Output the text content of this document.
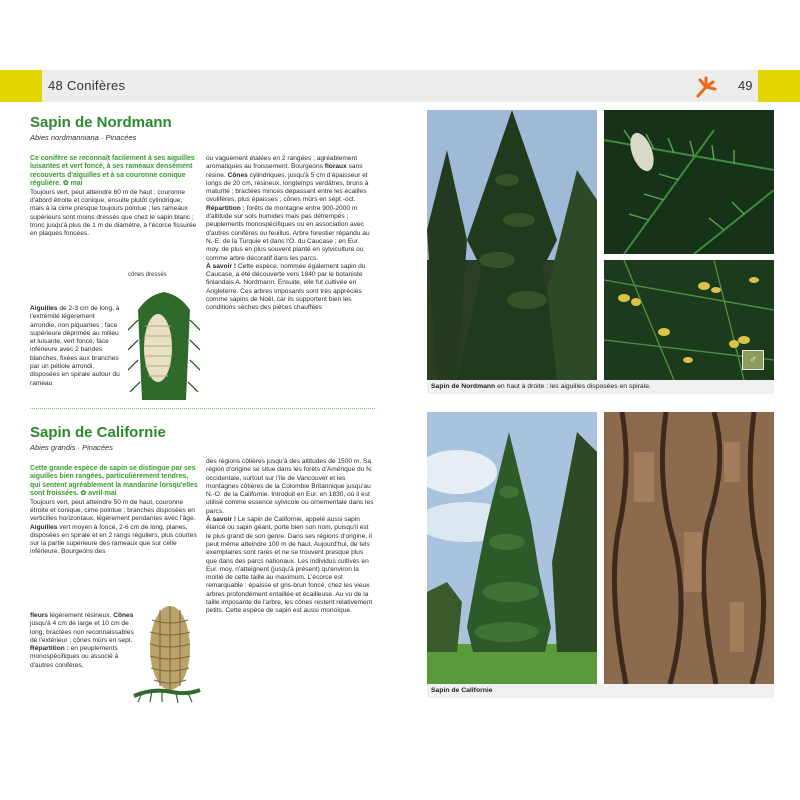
48 Conifères	49
Sapin de Nordmann
Abies nordmanniana · Pinacées

Ce conifère se reconnaît facilement à ses aiguilles luisantes et vert foncé, à ses rameaux densément recouverts d'aiguilles et à sa couronne conique régulière. ✿ mai

Toujours vert, peut atteindre 60 m de haut ; couronne d'abord étroite et conique, ensuite plutôt cylindrique, mais à la cime presque toujours pointue ; les rameaux supérieurs sont moins dressés que chez le sapin blanc ; tronc jusqu'à plus de 1 m de diamètre, à l'écorce fissurée en plaques foncées.

Aiguilles de 2-3 cm de long, à l'extrémité légèrement arrondie, non piquantes ; face supérieure déprimée au milieu et luisante, vert foncé, face inférieure avec 2 bandes blanches, fixées aux branches par un pétiole arrondi, disposées en spirale autour du rameau
cônes dressés

ou vaguement étalées en 2 rangées ; agréablement aromatiques au froissement. Bourgeons floraux sans résine. Cônes cylindriques, jusqu'à 5 cm d'épaisseur et longs de 20 cm, résineux, longtemps verdâtres, bruns à maturité ; bractées minces dépassant entre les écailles ovulifères, plus épaisses ; cônes mûrs en sept.-oct.

Répartition : forêts de montagne entre 900-2000 m d'altitude sur sols humides mais pas détrempés ; peuplements monospécifiques ou en association avec d'autres conifères ou feuillus. Arbre forestier répandu au N.-E. de la Turquie et dans l'O. du Caucase ; en Eur. moy. de plus en plus souvent planté en sylviculture ou comme arbre décoratif dans les parcs.

À savoir ! Cette espèce, nommée également sapin du Caucase, a été découverte vers 1840 par le botaniste finlandais A. Nordmann. Ensuite, elle fut cultivée en Angleterre. Ces arbres imposants sont très appréciés comme sapins de Noël, car ils supportent bien les conditions sèches des pièces chauffées

Sapin de Californie
Abies grandis · Pinacées

Cette grande espèce de sapin se distingue par ses aiguilles bien rangées, particulièrement tendres, qui sentent agréablement la mandarine lorsqu'elles sont froissées. ✿ avril-mai

Toujours vert, peut atteindre 50 m de haut, couronne étroite et conique, cime pointue ; branches disposées en verticilles horizontaux, légèrement pendantes avec l'âge. Aiguilles vert moyen à foncé, 2-6 cm de long, planes, disposées en spirale et en 2 rangs réguliers, plus courtes sur la partie supérieure des rameaux que sur celle inférieure. Bourgeons des

fleurs légèrement résineux. Cônes jusqu'à 4 cm de large et 10 cm de long, bractées non reconnaissables de l'extérieur ; cônes mûrs en sept. Répartition : en peuplements monospécifiques ou associé à d'autres conifères,

des régions côtières jusqu'à des altitudes de 1500 m. Sa région d'origine se situe dans les forêts d'Amérique du N. occidentale, surtout sur l'île de Vancouver et les montagnes côtières de la Colombie Britannique jusqu'au N.-O. de la Californie. Introduit en Eur. en 1830, où il est utilisé comme essence sylvicole ou ornementale dans les parcs.

À savoir ! Le sapin de Californie, appelé aussi sapin élancé ou sapin géant, porte bien son nom, puisqu'il est le plus grand de son genre. Dans ses régions d'origine, il peut même atteindre 100 m de haut. Aujourd'hui, de tels exemplaires sont rares et ne se trouvent presque plus que dans des parcs nationaux. Les individus cultivés en Eur. moy. n'atteignent (jusqu'à présent) qu'environ la moitié de cette taille au maximum. L'écorce est remarquable : épaisse et gris-brun foncé, chez les vieux arbres profondément entaillée et écailleuse. Au vu de la taille imposante de l'arbre, les cônes restent relativement petits. Cette espèce de sapin est aussi monoïque.

♂
Sapin de Nordmann en haut à droite : les aiguilles disposées en spirale.
Sapin de Californie
